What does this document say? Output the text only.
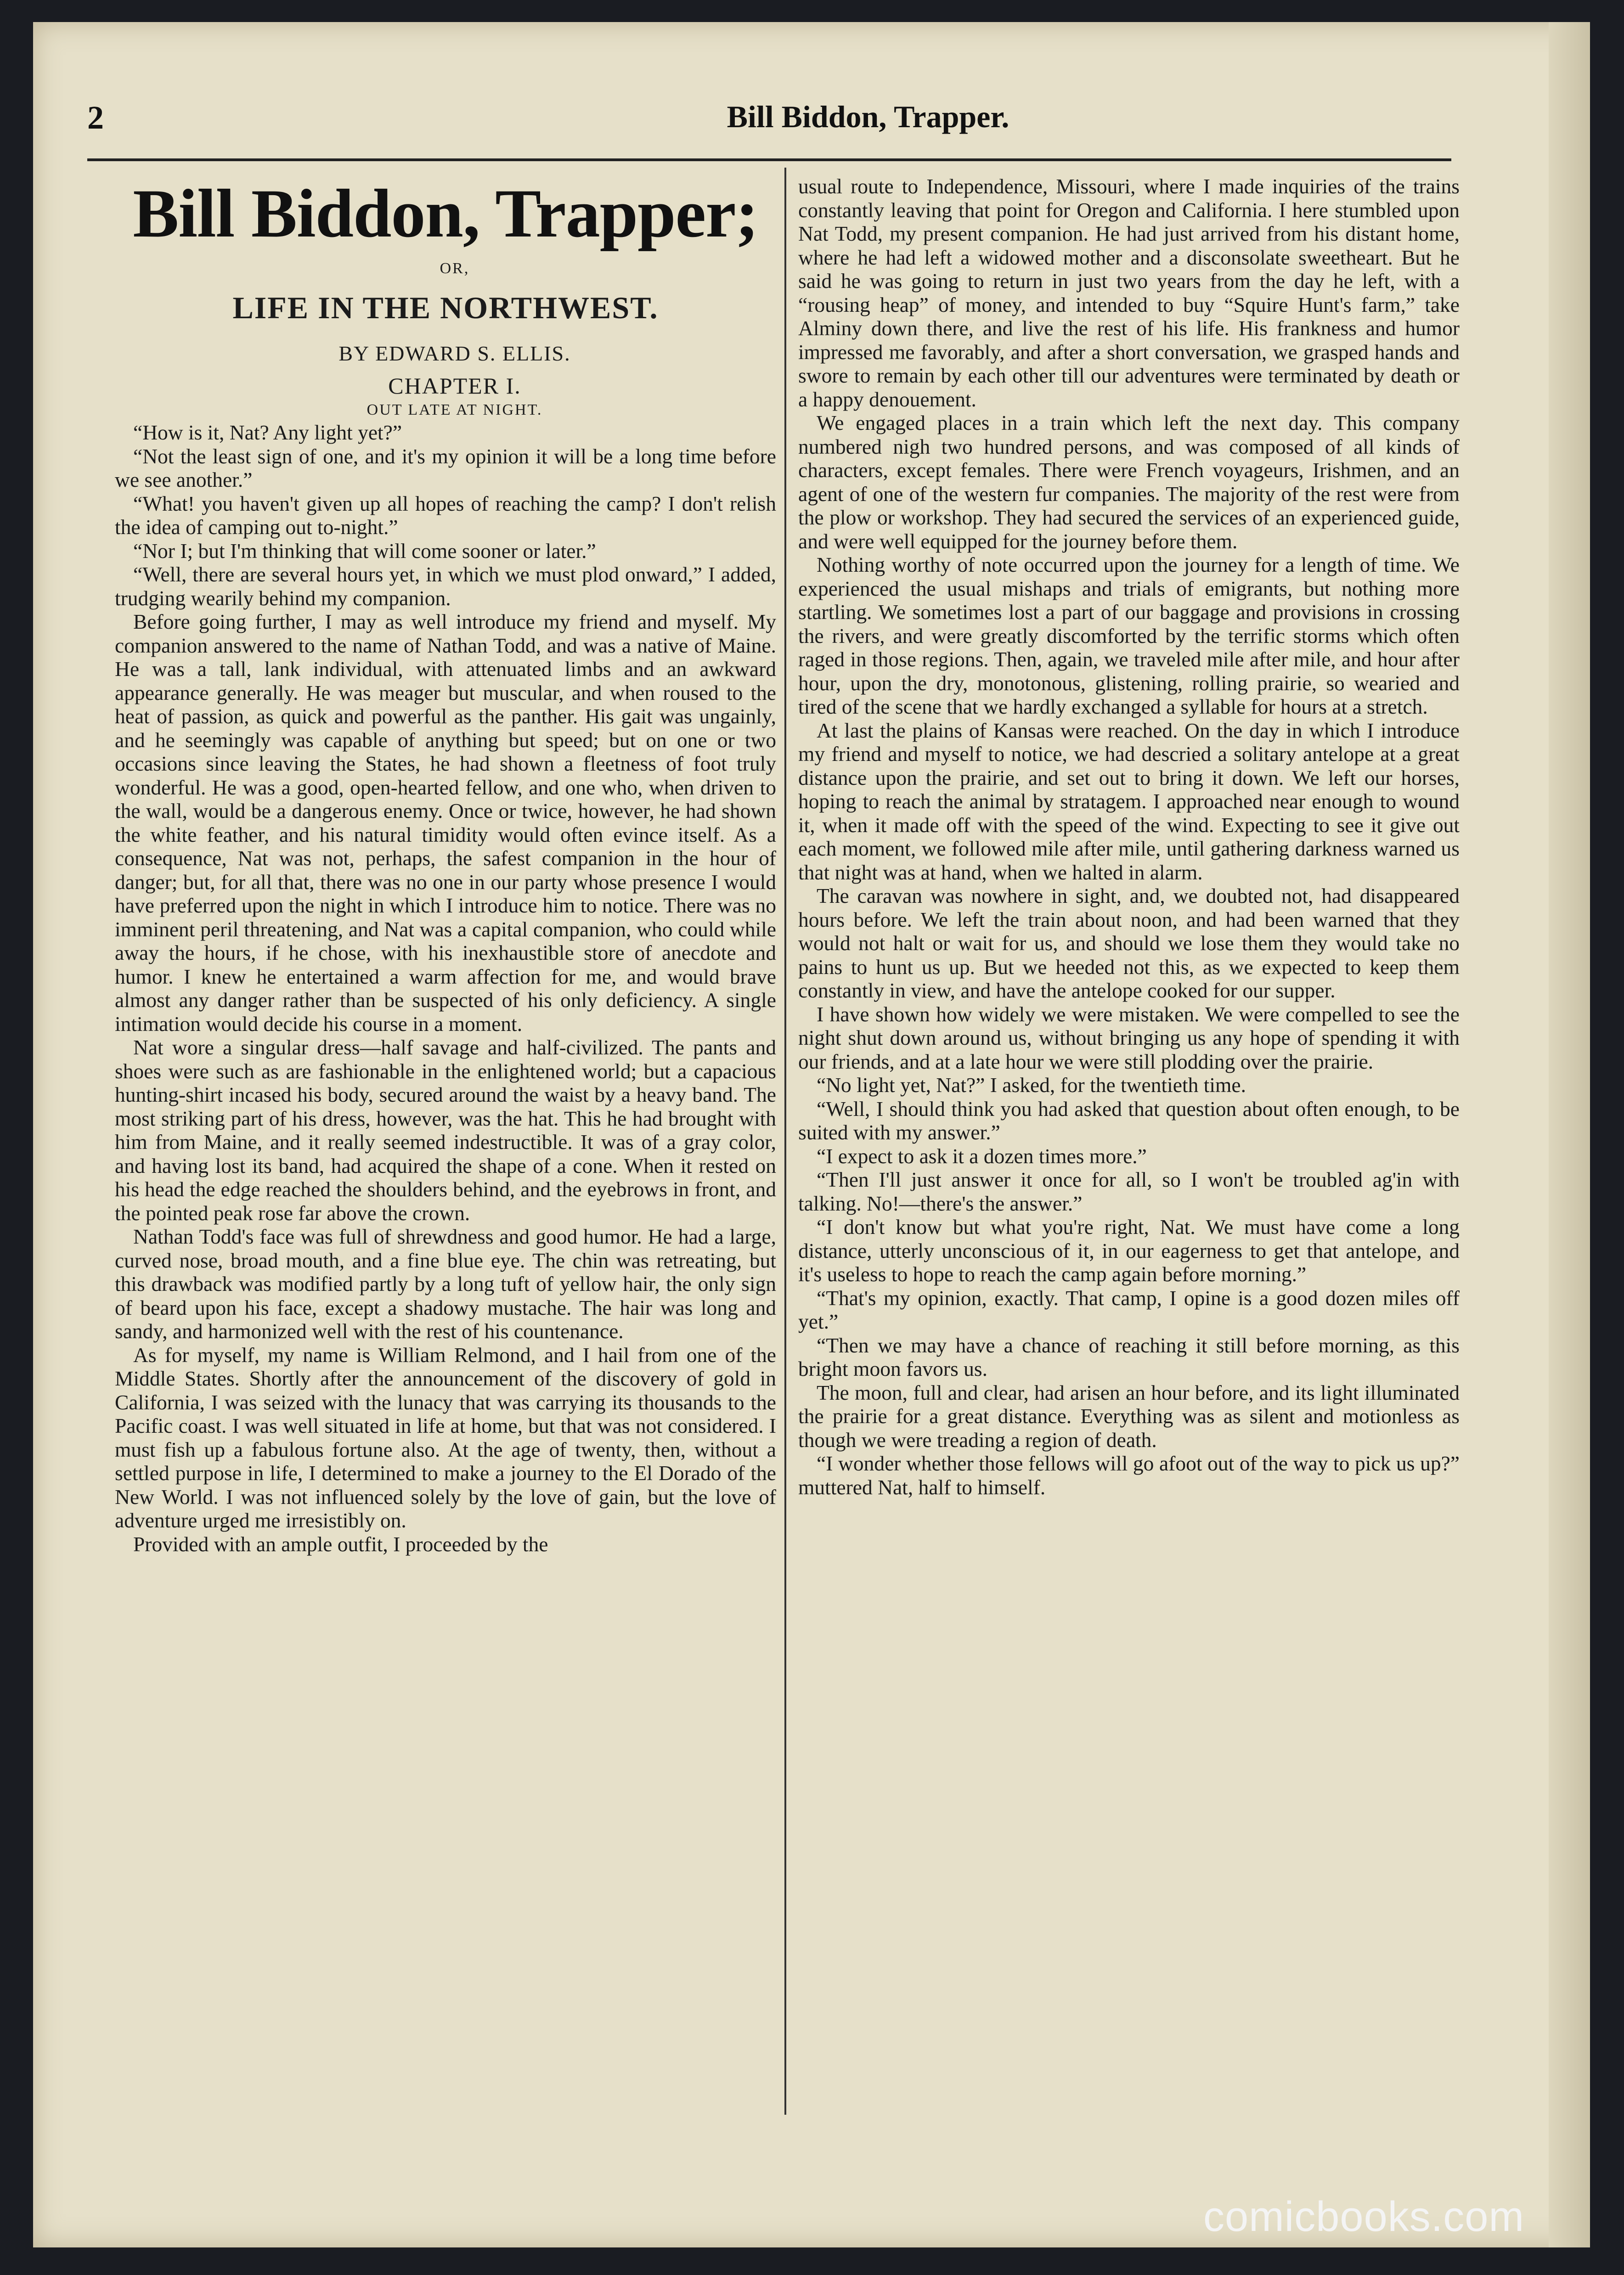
2	Bill Biddon, Trapper.
Bill Biddon, Trapper;

OR,

LIFE IN THE NORTHWEST.

BY EDWARD S. ELLIS.

CHAPTER I.

OUT LATE AT NIGHT.

“How is it, Nat? Any light yet?”

“Not the least sign of one, and it's my opinion it will be a long time before we see another.”

“What! you haven't given up all hopes of reaching the camp? I don't relish the idea of camping out to-night.”

“Nor I; but I'm thinking that will come sooner or later.”

“Well, there are several hours yet, in which we must plod onward,” I added, trudging wearily behind my companion.

Before going further, I may as well introduce my friend and myself. My companion answered to the name of Nathan Todd, and was a native of Maine. He was a tall, lank individual, with attenuated limbs and an awkward appearance generally. He was meager but muscular, and when roused to the heat of passion, as quick and powerful as the panther. His gait was ungainly, and he seemingly was capable of anything but speed; but on one or two occasions since leaving the States, he had shown a fleetness of foot truly wonderful. He was a good, open-hearted fellow, and one who, when driven to the wall, would be a dangerous enemy. Once or twice, however, he had shown the white feather, and his natural timidity would often evince itself. As a consequence, Nat was not, perhaps, the safest companion in the hour of danger; but, for all that, there was no one in our party whose presence I would have preferred upon the night in which I introduce him to notice. There was no imminent peril threatening, and Nat was a capital companion, who could while away the hours, if he chose, with his inexhaustible store of anecdote and humor. I knew he entertained a warm affection for me, and would brave almost any danger rather than be suspected of his only deficiency. A single intimation would decide his course in a moment.

Nat wore a singular dress—half savage and half-civilized. The pants and shoes were such as are fashionable in the enlightened world; but a capacious hunting-shirt incased his body, secured around the waist by a heavy band. The most striking part of his dress, however, was the hat. This he had brought with him from Maine, and it really seemed indestructible. It was of a gray color, and having lost its band, had acquired the shape of a cone. When it rested on his head the edge reached the shoulders behind, and the eyebrows in front, and the pointed peak rose far above the crown.

Nathan Todd's face was full of shrewdness and good humor. He had a large, curved nose, broad mouth, and a fine blue eye. The chin was retreating, but this drawback was modified partly by a long tuft of yellow hair, the only sign of beard upon his face, except a shadowy mustache. The hair was long and sandy, and harmonized well with the rest of his countenance.

As for myself, my name is William Relmond, and I hail from one of the Middle States. Shortly after the announcement of the discovery of gold in California, I was seized with the lunacy that was carrying its thousands to the Pacific coast. I was well situated in life at home, but that was not considered. I must fish up a fabulous fortune also. At the age of twenty, then, without a settled purpose in life, I determined to make a journey to the El Dorado of the New World. I was not influenced solely by the love of gain, but the love of adventure urged me irresistibly on.

Provided with an ample outfit, I proceeded by the

usual route to Independence, Missouri, where I made inquiries of the trains constantly leaving that point for Oregon and California. I here stumbled upon Nat Todd, my present companion. He had just arrived from his distant home, where he had left a widowed mother and a disconsolate sweetheart. But he said he was going to return in just two years from the day he left, with a “rousing heap” of money, and intended to buy “Squire Hunt's farm,” take Alminy down there, and live the rest of his life. His frankness and humor impressed me favorably, and after a short conversation, we grasped hands and swore to remain by each other till our adventures were terminated by death or a happy denouement.

We engaged places in a train which left the next day. This company numbered nigh two hundred persons, and was composed of all kinds of characters, except females. There were French voyageurs, Irishmen, and an agent of one of the western fur companies. The majority of the rest were from the plow or workshop. They had secured the services of an experienced guide, and were well equipped for the journey before them.

Nothing worthy of note occurred upon the journey for a length of time. We experienced the usual mishaps and trials of emigrants, but nothing more startling. We sometimes lost a part of our baggage and provisions in crossing the rivers, and were greatly discomforted by the terrific storms which often raged in those regions. Then, again, we traveled mile after mile, and hour after hour, upon the dry, monotonous, glistening, rolling prairie, so wearied and tired of the scene that we hardly exchanged a syllable for hours at a stretch.

At last the plains of Kansas were reached. On the day in which I introduce my friend and myself to notice, we had descried a solitary antelope at a great distance upon the prairie, and set out to bring it down. We left our horses, hoping to reach the animal by stratagem. I approached near enough to wound it, when it made off with the speed of the wind. Expecting to see it give out each moment, we followed mile after mile, until gathering darkness warned us that night was at hand, when we halted in alarm.

The caravan was nowhere in sight, and, we doubted not, had disappeared hours before. We left the train about noon, and had been warned that they would not halt or wait for us, and should we lose them they would take no pains to hunt us up. But we heeded not this, as we expected to keep them constantly in view, and have the antelope cooked for our supper.

I have shown how widely we were mistaken. We were compelled to see the night shut down around us, without bringing us any hope of spending it with our friends, and at a late hour we were still plodding over the prairie.

“No light yet, Nat?” I asked, for the twentieth time.

“Well, I should think you had asked that question about often enough, to be suited with my answer.”

“I expect to ask it a dozen times more.”

“Then I'll just answer it once for all, so I won't be troubled ag'in with talking. No!—there's the answer.”

“I don't know but what you're right, Nat. We must have come a long distance, utterly unconscious of it, in our eagerness to get that antelope, and it's useless to hope to reach the camp again before morning.”

“That's my opinion, exactly. That camp, I opine is a good dozen miles off yet.”

“Then we may have a chance of reaching it still before morning, as this bright moon favors us.

The moon, full and clear, had arisen an hour before, and its light illuminated the prairie for a great distance. Everything was as silent and motionless as though we were treading a region of death.

“I wonder whether those fellows will go afoot out of the way to pick us up?” muttered Nat, half to himself.

comicbooks.com
